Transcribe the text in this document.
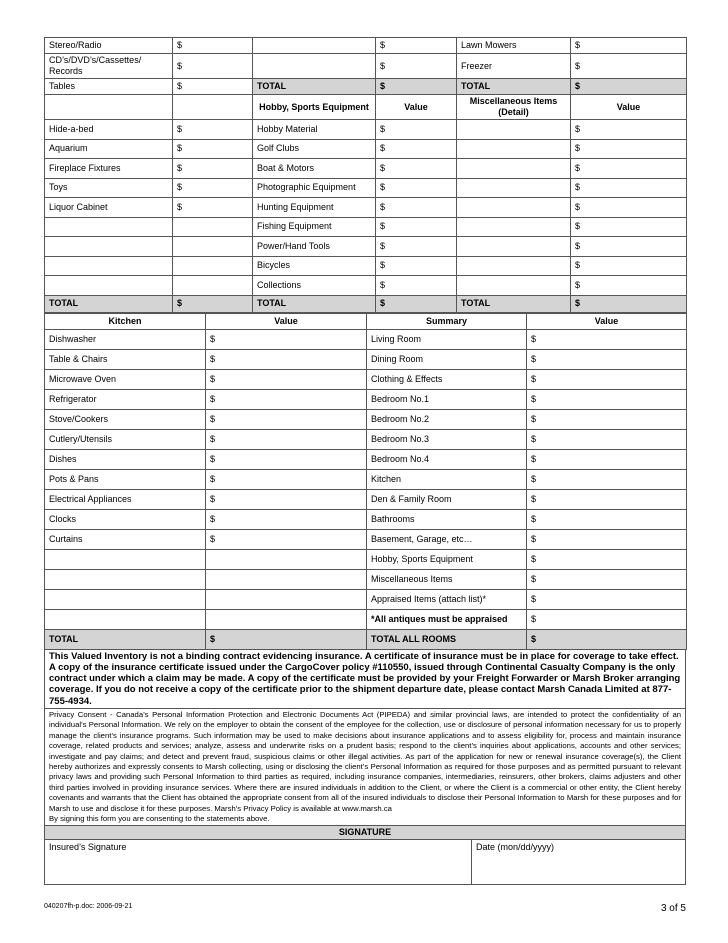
Stereo/Radio	$		$	Lawn Mowers	$
CD’s/DVD’s/Cassettes/ Records	$		$	Freezer	$
Tables	$	TOTAL	$	TOTAL	$
		Hobby, Sports Equipment	Value	Miscellaneous Items (Detail)	Value
Hide-a-bed	$	Hobby Material	$		$
Aquarium	$	Golf Clubs	$		$
Fireplace Fixtures	$	Boat & Motors	$		$
Toys	$	Photographic Equipment	$		$
Liquor Cabinet	$	Hunting Equipment	$		$
		Fishing Equipment	$		$
		Power/Hand Tools	$		$
		Bicycles	$		$
		Collections	$		$
TOTAL	$	TOTAL	$	TOTAL	$
Kitchen	Value	Summary	Value
Dishwasher	$	Living Room	$
Table & Chairs	$	Dining Room	$
Microwave Oven	$	Clothing & Effects	$
Refrigerator	$	Bedroom No.1	$
Stove/Cookers	$	Bedroom No.2	$
Cutlery/Utensils	$	Bedroom No.3	$
Dishes	$	Bedroom No.4	$
Pots & Pans	$	Kitchen	$
Electrical Appliances	$	Den & Family Room	$
Clocks	$	Bathrooms	$
Curtains	$	Basement, Garage, etc…	$
		Hobby, Sports Equipment	$
		Miscellaneous Items	$
		Appraised Items (attach list)*	$
		*All antiques must be appraised	$
TOTAL	$	TOTAL ALL ROOMS	$
This Valued Inventory is not a binding contract evidencing insurance. A certificate of insurance must be in place for coverage to take effect. A copy of the insurance certificate issued under the CargoCover policy #110550, issued through Continental Casualty Company is the only contract under which a claim may be made. A copy of the certificate must be provided by your Freight Forwarder or Marsh Broker arranging coverage. If you do not receive a copy of the certificate prior to the shipment departure date, please contact Marsh Canada Limited at 877-755-4934.
Privacy Consent - Canada’s Personal Information Protection and Electronic Documents Act (PIPEDA) and similar provincial laws, are intended to protect the confidentiality of an individual’s Personal Information. We rely on the employer to obtain the consent of the employee for the collection, use or disclosure of personal information necessary for us to properly manage the client’s insurance programs. Such information may be used to make decisions about insurance applications and to assess eligibility for, process and maintain insurance coverage, related products and services; analyze, assess and underwrite risks on a prudent basis; respond to the client’s inquiries about applications, accounts and other services; investigate and pay claims; and detect and prevent fraud, suspicious claims or other illegal activities. As part of the application for new or renewal insurance coverage(s), the Client hereby authorizes and expressly consents to Marsh collecting, using or disclosing the client’s Personal Information as required for those purposes and as permitted pursuant to relevant privacy laws and providing such Personal Information to third parties as required, including insurance companies, intermediaries, reinsurers, other brokers, claims adjusters and other third parties involved in providing insurance services. Where there are insured individuals in addition to the Client, or where the Client is a commercial or other entity, the Client hereby covenants and warrants that the Client has obtained the appropriate consent from all of the insured individuals to disclose their Personal Information to Marsh for these purposes and for Marsh to use and disclose it for these purposes. Marsh’s Privacy Policy is available at www.marsh.ca
By signing this form you are consenting to the statements above.
SIGNATURE
Insured’s Signature	Date (mon/dd/yyyy)
040207fh-p.doc: 2006-09-21	3 of 5
